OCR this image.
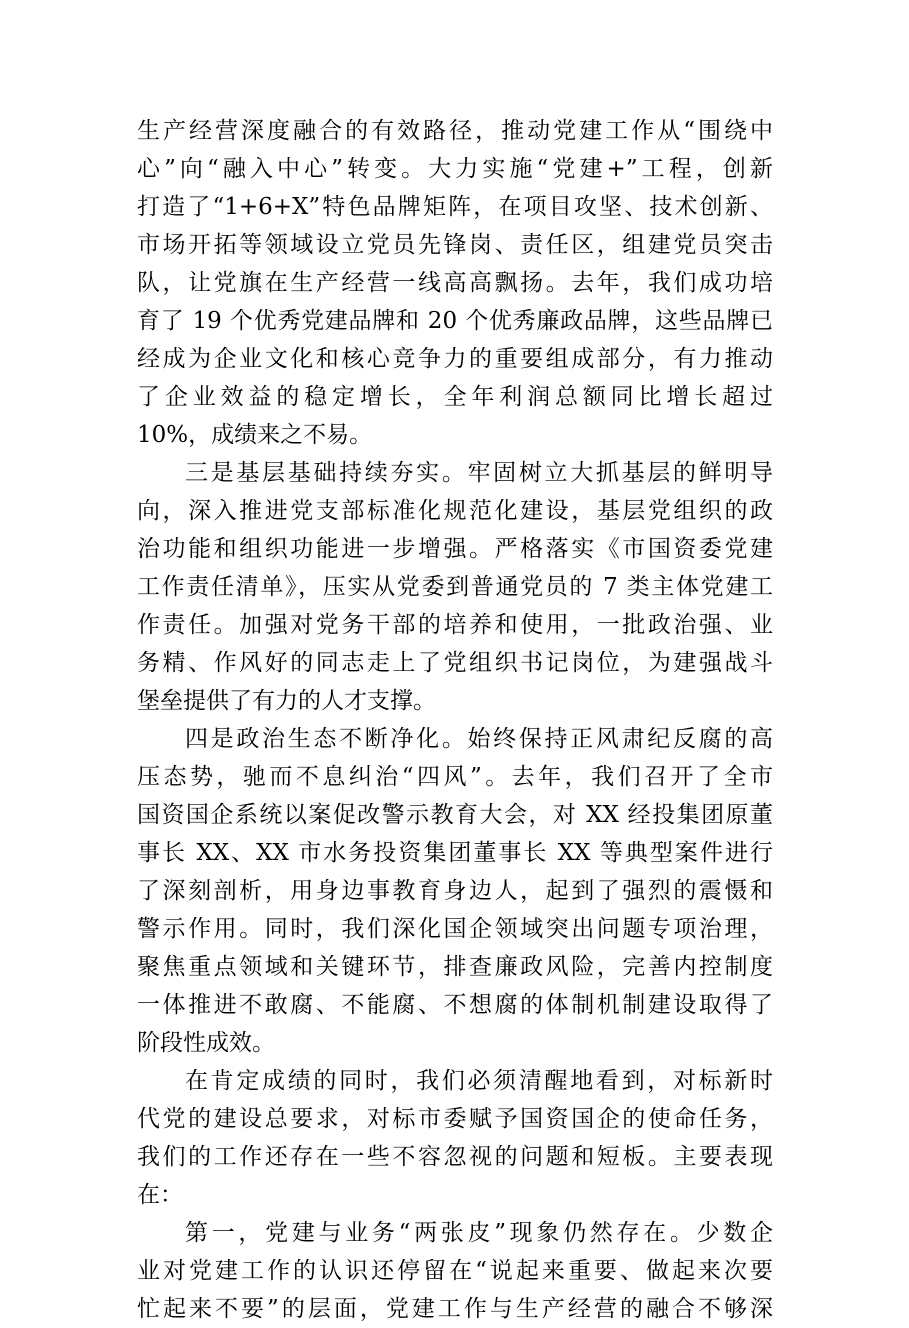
生产经营深度融合的有效路径，推动党建工作从“围绕中
心”向“融入中心”转变。大力实施“党建+”工程，创新
打造了“1+6+X”特色品牌矩阵，在项目攻坚、技术创新、
市场开拓等领域设立党员先锋岗、责任区，组建党员突击
队，让党旗在生产经营一线高高飘扬。去年，我们成功培
育了 19 个优秀党建品牌和 20 个优秀廉政品牌，这些品牌已
经成为企业文化和核心竞争力的重要组成部分，有力推动
了企业效益的稳定增长，全年利润总额同比增长超过
10%，成绩来之不易。
三是基层基础持续夯实。牢固树立大抓基层的鲜明导
向，深入推进党支部标准化规范化建设，基层党组织的政
治功能和组织功能进一步增强。严格落实《市国资委党建
工作责任清单》，压实从党委到普通党员的 7 类主体党建工
作责任。加强对党务干部的培养和使用，一批政治强、业
务精、作风好的同志走上了党组织书记岗位，为建强战斗
堡垒提供了有力的人才支撑。
四是政治生态不断净化。始终保持正风肃纪反腐的高
压态势，驰而不息纠治“四风”。去年，我们召开了全市
国资国企系统以案促改警示教育大会，对 XX 经投集团原董
事长 XX、XX 市水务投资集团董事长 XX 等典型案件进行
了深刻剖析，用身边事教育身边人，起到了强烈的震慑和
警示作用。同时，我们深化国企领域突出问题专项治理，
聚焦重点领域和关键环节，排查廉政风险，完善内控制度
一体推进不敢腐、不能腐、不想腐的体制机制建设取得了
阶段性成效。
在肯定成绩的同时，我们必须清醒地看到，对标新时
代党的建设总要求，对标市委赋予国资国企的使命任务，
我们的工作还存在一些不容忽视的问题和短板。主要表现
在：
第一，党建与业务“两张皮”现象仍然存在。少数企
业对党建工作的认识还停留在“说起来重要、做起来次要
忙起来不要”的层面，党建工作与生产经营的融合不够深
